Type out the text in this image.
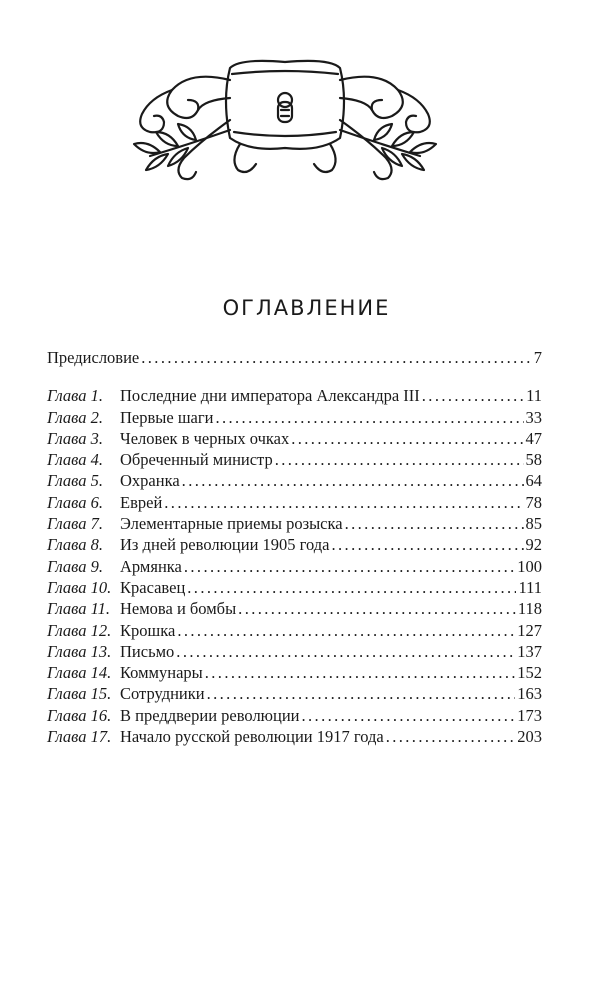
ОГЛАВЛЕНИЕ
Предисловие .....	7
Глава 1. Последние дни императора Александра III .....	11
Глава 2. Первые шаги .....	33
Глава 3. Человек в черных очках .....	47
Глава 4. Обреченный министр .....	58
Глава 5. Охранка .....	64
Глава 6. Еврей .....	78
Глава 7. Элементарные приемы розыска .....	85
Глава 8. Из дней революции 1905 года .....	92
Глава 9. Армянка .....	100
Глава 10. Красавец .....	111
Глава 11. Немова и бомбы .....	118
Глава 12. Крошка .....	127
Глава 13. Письмо .....	137
Глава 14. Коммунары .....	152
Глава 15. Сотрудники .....	163
Глава 16. В преддверии революции .....	173
Глава 17. Начало русской революции 1917 года .....	203
